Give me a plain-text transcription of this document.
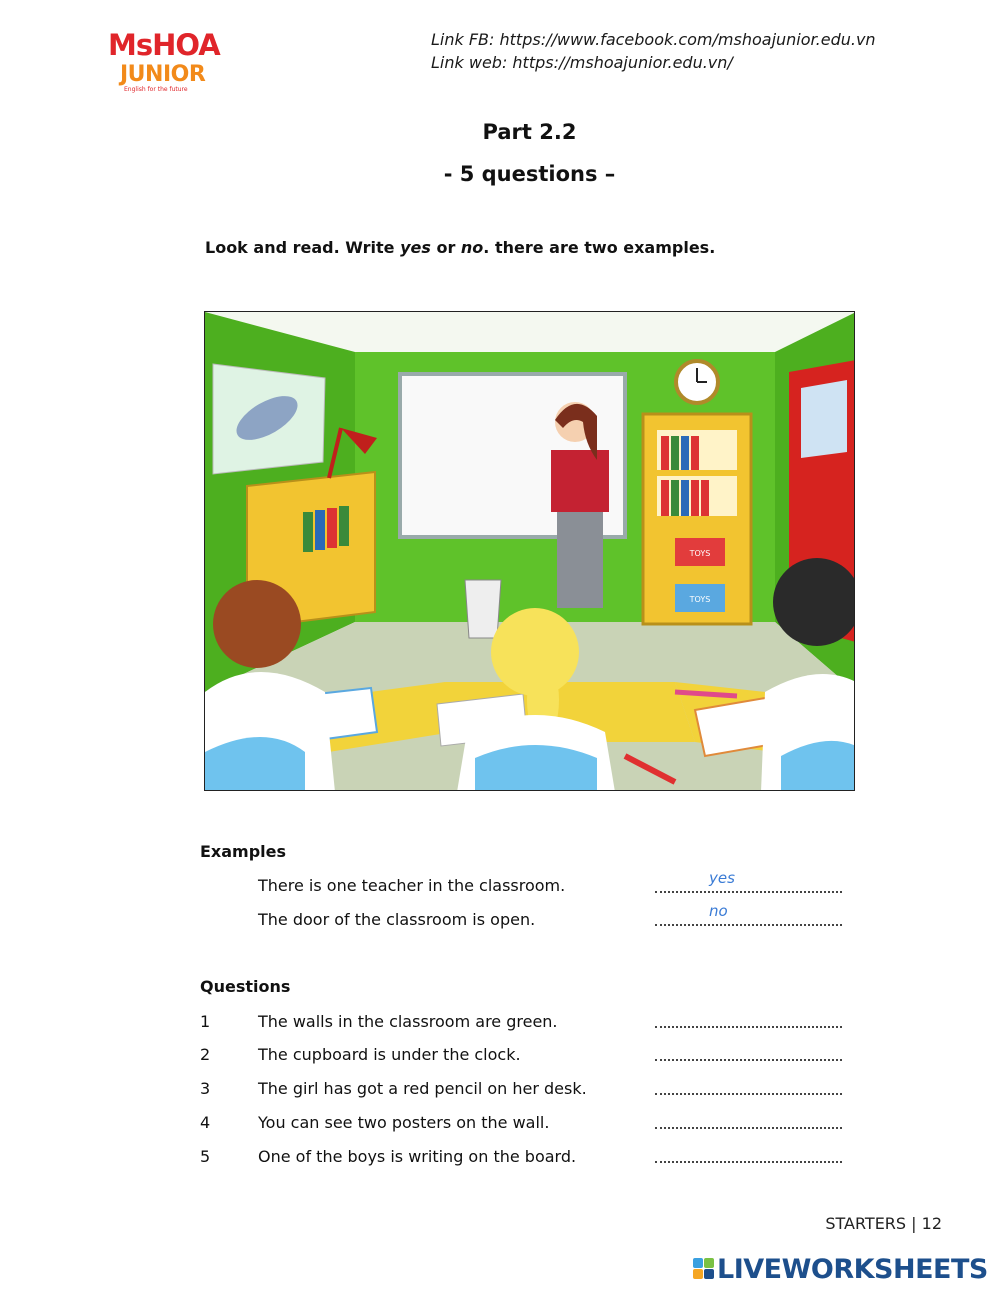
MsHOA
JUNIOR
English for the future
Link FB: https://www.facebook.com/mshoajunior.edu.vn
Link web: https://mshoajunior.edu.vn/
Part 2.2
- 5 questions –
Look and read. Write yes or no. there are two examples.
TOYS
TOYS
Examples
There is one teacher in the classroom.	yes
The door of the classroom is open.	no
Questions
1	The walls in the classroom are green.
2	The cupboard is under the clock.
3	The girl has got a red pencil on her desk.
4	You can see two posters on the wall.
5	One of the boys is writing on the board.
STARTERS | 12
LIVEWORKSHEETS
